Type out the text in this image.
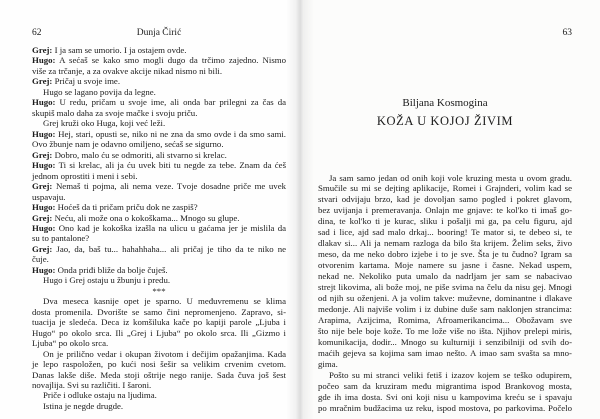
62	Dunja Čirić
Grej: I ja sam se umorio. I ja ostajem ovde.
Hugo: A sećaš se kako smo mogli dugo da trčimo zajedno. Nismo
više za trčanje, a za ovakve akcije nikad nismo ni bili.
Grej: Pričaj u svoje ime.
Hugo se lagano povija da legne.
Hugo: U redu, pričam u svoje ime, ali onda bar prilegni za čas da
skupiš malo daha za svoje mačke i svoju priču.
Grej kruži oko Huga, koji već leži.
Hugo: Hej, stari, opusti se, niko ni ne zna da smo ovde i da smo sami.
Ovo žbunje nam je odavno omiljeno, sećaš se sigurno.
Grej: Dobro, malo ću se odmoriti, ali stvarno si krelac.
Hugo: Ti si krelac, ali ja ću uvek biti tu negde za tebe. Znam da ćeš
jednom oprostiti i meni i sebi.
Grej: Nemaš ti pojma, ali nema veze. Tvoje dosadne priče me uvek
uspavaju.
Hugo: Hoćeš da ti pričam priču dok ne zaspiš?
Grej: Neću, ali može ona o kokoškama... Mnogo su glupe.
Hugo: Ono kad je kokoška izašla na ulicu u gaćama jer je mislila da
su to pantalone?
Grej: Jao, da, baš tu... hahahhaha... ali pričaj je tiho da te niko ne
čuje.
Hugo: Onda priđi bliže da bolje čuješ.
Hugo i Grej ostaju u žbunju i predu.
***
Dva meseca kasnije opet je sparno. U međuvremenu se klima
dosta promenila. Dvorište se samo čini nepromenjeno. Zapravo, si-
tuacija je sledeća. Deca iz komšiluka kače po kapiji parole „Ljuba i
Hugo“ po okolo srca. Ili „Grej i Ljuba“ po okolo srca. Ili „Gizmo i
Ljuba“ po okolo srca.
On je prilično vedar i okupan životom i dečijim opažanjima. Kada
je lepo raspoložen, po kući nosi šešir sa velikim crvenim cvetom.
Danas lakše diše. Meda stoji oštrije nego ranije. Sada čuva još šest
novajlija. Svi su različiti. I šaroni.
Priče i odluke ostaju na ljudima.
Istina je negde drugde.
63
Biljana Kosmogina
KOŽA U KOJOJ ŽIVIM
Ja sam samo jedan od onih koji vole kruzing mesta u ovom gradu.
Smučile su mi se dejting aplikacije, Romei i Grajnderi, volim kad se
stvari odvijaju brzo, kad je dovoljan samo pogled i pokret glavom,
bez uvijanja i premeravanja. Onlajn me gnjave: te kol'ko ti imaš go-
dina, te kol'ko ti je kurac, sliku i pošalji mi ga, pa celu figuru, ajd
sad i lice, ajd sad malo drkaj... booring! Te mator si, te debeo si, te
dlakav si... Ali ja nemam razloga da bilo šta krijem. Želim seks, živo
meso, da me neko dobro izjebe i to je sve. Šta je tu čudno? Igram sa
otvorenim kartama. Moje namere su jasne i časne. Nekad uspem,
nekad ne. Nekoliko puta umalo da nadrljam jer sam se nabacivao
strejt likovima, ali bože moj, ne piše svima na čelu da nisu gej. Mnogi
od njih su oženjeni. A ja volim takve: muževne, dominantne i dlakave
medonje. Ali najviše volim i iz dubine duše sam naklonjen strancima:
Arapima, Azijcima, Romima, Afroamerikancima... Obožavam sve
što nije bele boje kože. To me lože više no išta. Njihov prelepi miris,
komunikacija, dodir... Mnogo su kulturniji i senzibilniji od svih do-
maćih gejeva sa kojima sam imao nešto. A imao sam svašta sa mno-
gima.
Pošto su mi stranci veliki fetiš i izazov kojem se teško odupirem,
počeo sam da kruziram među migrantima ispod Brankovog mosta,
gde ih ima dosta. Svi oni koji nisu u kampovima kreću se i spavaju
po mračnim budžacima uz reku, ispod mostova, po parkovima. Počelo
